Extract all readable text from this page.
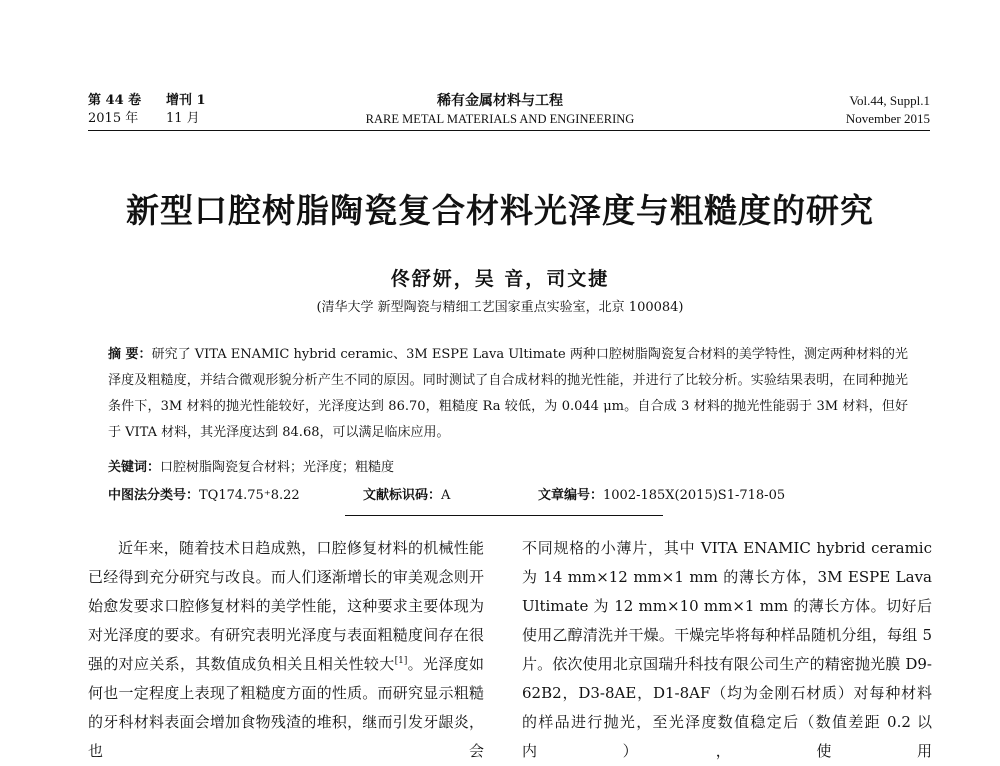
第 44 卷 增刊 1
2015 年 11 月
稀有金属材料与工程
RARE METAL MATERIALS AND ENGINEERING
Vol.44, Suppl.1
November 2015
新型口腔树脂陶瓷复合材料光泽度与粗糙度的研究
佟舒妍，吴 音，司文捷
(清华大学 新型陶瓷与精细工艺国家重点实验室，北京 100084)
摘 要：研究了 VITA ENAMIC hybrid ceramic、3M ESPE Lava Ultimate 两种口腔树脂陶瓷复合材料的美学特性，测定两种材料的光泽度及粗糙度，并结合微观形貌分析产生不同的原因。同时测试了自合成材料的抛光性能，并进行了比较分析。实验结果表明，在同种抛光条件下，3M 材料的抛光性能较好，光泽度达到 86.70，粗糙度 Ra 较低，为 0.044 μm。自合成 3 材料的抛光性能弱于 3M 材料，但好于 VITA 材料，其光泽度达到 84.68，可以满足临床应用。
关键词：口腔树脂陶瓷复合材料；光泽度；粗糙度
中图法分类号：TQ174.75⁺8.22	文献标识码：A	文章编号：1002-185X(2015)S1-718-05

近年来，随着技术日趋成熟，口腔修复材料的机械性能已经得到充分研究与改良。而人们逐渐增长的审美观念则开始愈发要求口腔修复材料的美学性能，这种要求主要体现为对光泽度的要求。有研究表明光泽度与表面粗糙度间存在很强的对应关系，其数值成负相关且相关性较大[1]。光泽度如何也一定程度上表现了粗糙度方面的性质。而研究显示粗糙的牙科材料表面会增加食物残渣的堆积，继而引发牙龈炎，也会

不同规格的小薄片，其中 VITA ENAMIC hybrid ceramic 为 14 mm×12 mm×1 mm 的薄长方体，3M ESPE Lava Ultimate 为 12 mm×10 mm×1 mm 的薄长方体。切好后使用乙醇清洗并干燥。干燥完毕将每种样品随机分组，每组 5 片。依次使用北京国瑞升科技有限公司生产的精密抛光膜 D9-62B2，D3-8AE，D1-8AF（均为金刚石材质）对每种材料的样品进行抛光，至光泽度数值稳定后（数值差距 0.2 以内），使用
